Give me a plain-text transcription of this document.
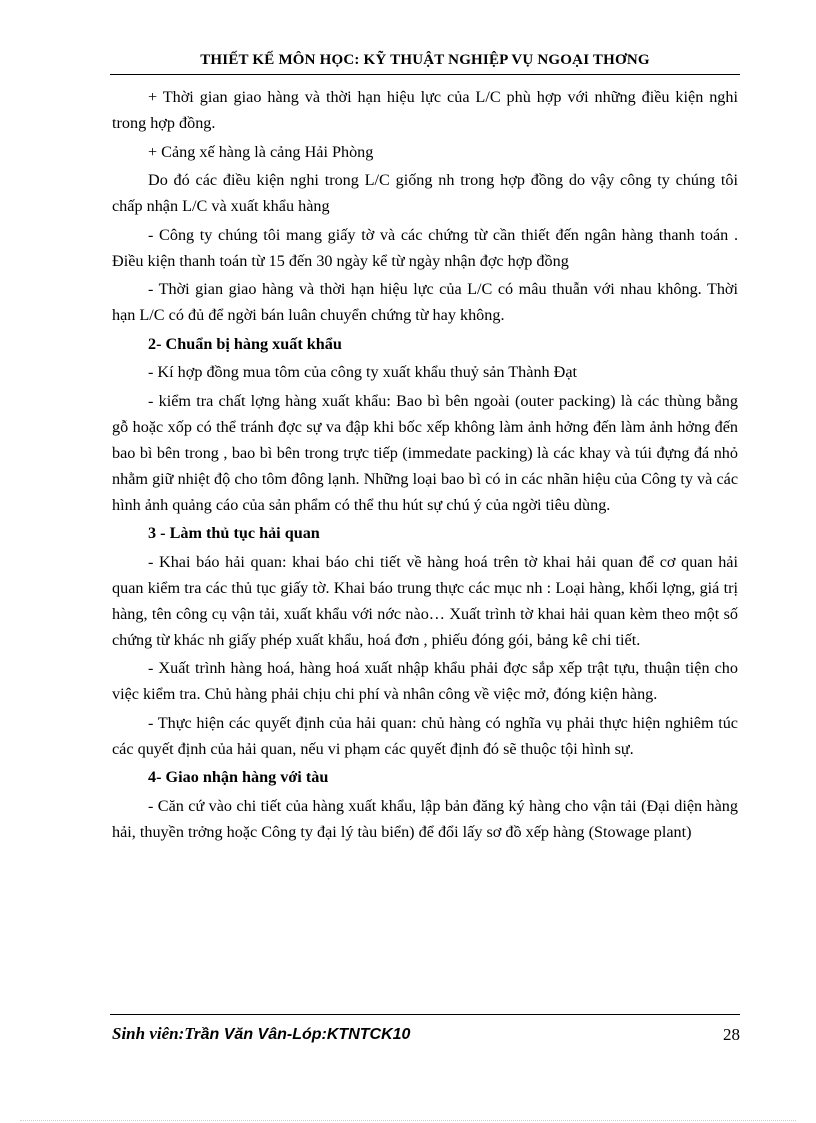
THIẾT KẾ MÔN HỌC: KỸ THUẬT NGHIỆP VỤ NGOẠI THƠNG

+ Thời gian giao hàng và thời hạn hiệu lực của L/C phù hợp với những điều kiện nghi trong hợp đồng.

+ Cảng xế hàng là cảng Hải Phòng

Do đó các điều kiện nghi trong L/C giống nh trong hợp đồng do vậy công ty chúng tôi chấp nhận L/C và xuất khẩu hàng

- Công ty chúng tôi mang giấy tờ và các chứng từ cần thiết đến ngân hàng thanh toán . Điều kiện thanh toán từ 15 đến 30 ngày kể từ ngày nhận đợc hợp đồng

- Thời gian giao hàng và thời hạn hiệu lực của L/C có mâu thuẫn với nhau không. Thời hạn L/C có đủ để ngời bán luân chuyển chứng từ hay không.

2- Chuẩn bị hàng xuất khẩu

- Kí hợp đồng mua tôm của công ty xuất khẩu thuỷ sản Thành Đạt

- kiểm tra chất lợng hàng xuất khẩu: Bao bì bên ngoài (outer packing) là các thùng bằng gỗ hoặc xốp có thể tránh đợc sự va đập khi bốc xếp không làm ảnh hởng đến làm ảnh hởng đến bao bì bên trong , bao bì bên trong trực tiếp (immedate packing) là các khay và túi đựng đá nhỏ nhằm giữ nhiệt độ cho tôm đông lạnh. Những loại bao bì có in các nhãn hiệu của Công ty và các hình ảnh quảng cáo của sản phẩm có thể thu hút sự chú ý của ngời tiêu dùng.

3 - Làm thủ tục hải quan

- Khai báo hải quan: khai báo chi tiết về hàng hoá trên tờ khai hải quan để cơ quan hải quan kiểm tra các thủ tục giấy tờ. Khai báo trung thực các mục nh : Loại hàng, khối lợng, giá trị hàng, tên công cụ vận tải, xuất khẩu với nớc nào… Xuất trình tờ khai hải quan kèm theo một số chứng từ khác nh giấy phép xuất khẩu, hoá đơn , phiếu đóng gói, bảng kê chi tiết.

- Xuất trình hàng hoá, hàng hoá xuất nhập khẩu phải đợc sắp xếp trật tựu, thuận tiện cho việc kiểm tra. Chủ hàng phải chịu chi phí và nhân công về việc mở, đóng kiện hàng.

- Thực hiện các quyết định của hải quan: chủ hàng có nghĩa vụ phải thực hiện nghiêm túc các quyết định của hải quan, nếu vi phạm các quyết định đó sẽ thuộc tội hình sự.

4- Giao nhận hàng với tàu

- Căn cứ vào chi tiết của hàng xuất khẩu, lập bản đăng ký hàng cho vận tải (Đại diện hàng hải, thuyền trởng hoặc Công ty đại lý tàu biển) để đổi lấy sơ đồ xếp hàng (Stowage plant)

Sinh viên:Trần Văn Vân-Lóp:KTNTCK10	28
